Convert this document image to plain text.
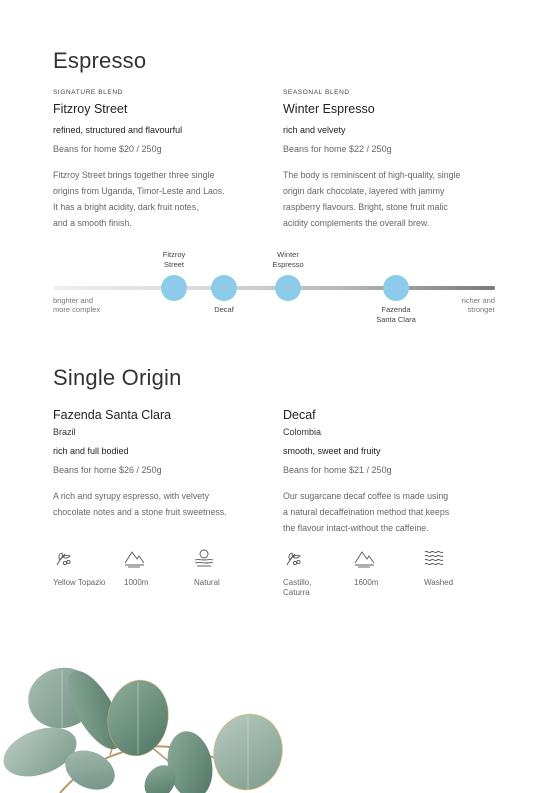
Espresso
SIGNATURE BLEND
Fitzroy Street
refined, structured and flavourful
Beans for home $20 / 250g
Fitzroy Street brings together three single
origins from Uganda, Timor-Leste and Laos.
It has a bright acidity, dark fruit notes,
and a smooth finish.
SEASONAL BLEND
Winter Espresso
rich and velvety
Beans for home $22 / 250g
The body is reminiscent of high-quality, single
origin dark chocolate, layered with jammy
raspberry flavours. Bright, stone fruit malic
acidity complements the overall brew.
brighter and
more complex
richer and
stronger
Fitzroy
Street
Decaf
Winter
Espresso
Fazenda
Santa Clara
Single Origin
Fazenda Santa Clara
Brazil
rich and full bodied
Beans for home $26 / 250g
A rich and syrupy espresso, with velvety
chocolate notes and a stone fruit sweetness.
Yellow Topazio 1000m	Natural
Decaf
Colombia
smooth, sweet and fruity
Beans for home $21 / 250g
Our sugarcane decaf coffee is made using
a natural decaffeination method that keeps
the flavour intact-without the caffeine.
Castillo,
Caturra
1600m	Washed
